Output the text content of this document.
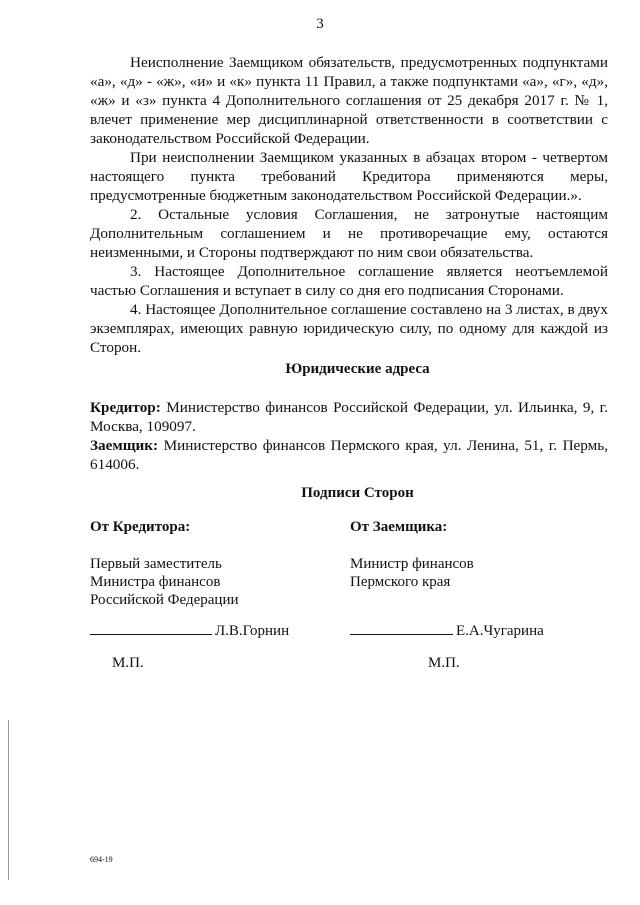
3

Неисполнение Заемщиком обязательств, предусмотренных подпунктами «а», «д» - «ж», «и» и «к» пункта 11 Правил, а также подпунктами «а», «г», «д», «ж» и «з» пункта 4 Дополнительного соглашения от 25 декабря 2017 г. № 1, влечет применение мер дисциплинарной ответственности в соответствии с законодательством Российской Федерации.

При неисполнении Заемщиком указанных в абзацах втором - четвертом настоящего пункта требований Кредитора применяются меры, предусмотренные бюджетным законодательством Российской Федерации.».

2. Остальные условия Соглашения, не затронутые настоящим Дополнительным соглашением и не противоречащие ему, остаются неизменными, и Стороны подтверждают по ним свои обязательства.

3. Настоящее Дополнительное соглашение является неотъемлемой частью Соглашения и вступает в силу со дня его подписания Сторонами.

4. Настоящее Дополнительное соглашение составлено на 3 листах, в двух экземплярах, имеющих равную юридическую силу, по одному для каждой из Сторон.

Юридические адреса

Кредитор: Министерство финансов Российской Федерации, ул. Ильинка, 9, г. Москва, 109097.

Заемщик: Министерство финансов Пермского края, ул. Ленина, 51, г. Пермь, 614006.

Подписи Сторон
От Кредитора:
Первый заместитель
Министра финансов
Российской Федерации
От Заемщика:
Министр финансов
Пермского края
Л.В.Горнин	Е.А.Чугарина
М.П.	М.П.
694-19
